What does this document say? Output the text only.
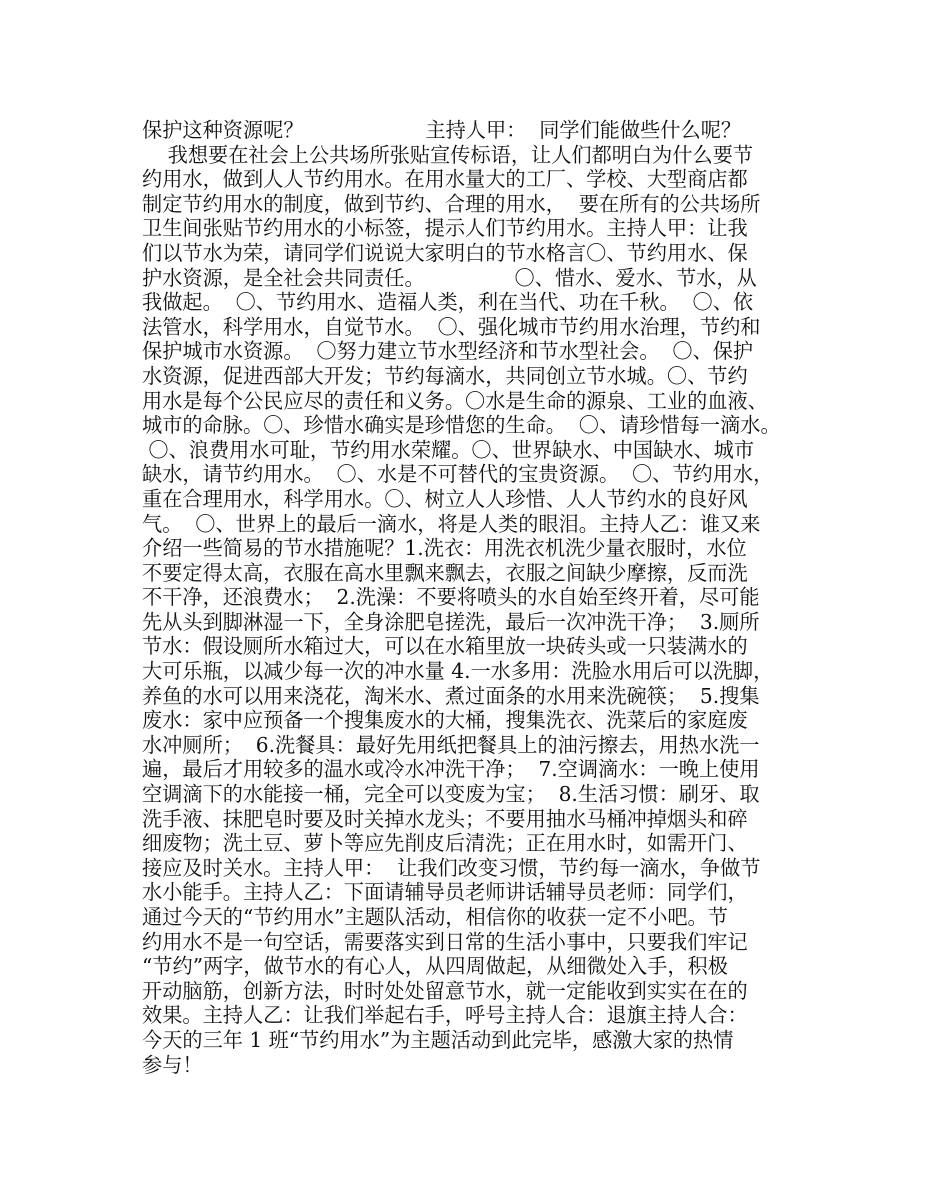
保护这种资源呢？                   主持人甲：  同学们能做些什么呢？
我想要在社会上公共场所张贴宣传标语，让人们都明白为什么要节
约用水，做到人人节约用水。在用水量大的工厂、学校、大型商店都
制定节约用水的制度，做到节约、合理的用水，  要在所有的公共场所
卫生间张贴节约用水的小标签，提示人们节约用水。主持人甲：让我
们以节水为荣，请同学们说说大家明白的节水格言〇、节约用水、保
护水资源，是全社会共同责任。              〇、惜水、爱水、节水，从
我做起。  〇、节约用水、造福人类，利在当代、功在千秋。  〇、依
法管水，科学用水，自觉节水。  〇、强化城市节约用水治理，节约和
保护城市水资源。  〇努力建立节水型经济和节水型社会。  〇、保护
水资源，促进西部大开发；节约每滴水，共同创立节水城。〇、节约
用水是每个公民应尽的责任和义务。〇水是生命的源泉、工业的血液、
城市的命脉。〇、珍惜水确实是珍惜您的生命。  〇、请珍惜每一滴水。
〇、浪费用水可耻，节约用水荣耀。〇、世界缺水、中国缺水、城市
缺水，请节约用水。  〇、水是不可替代的宝贵资源。  〇、节约用水，
重在合理用水，科学用水。〇、树立人人珍惜、人人节约水的良好风
气。  〇、世界上的最后一滴水，将是人类的眼泪。主持人乙：谁又来
介绍一些简易的节水措施呢？1.洗衣：用洗衣机洗少量衣服时，水位
不要定得太高，衣服在高水里飘来飘去，衣服之间缺少摩擦，反而洗
不干净，还浪费水；  2.洗澡：不要将喷头的水自始至终开着，尽可能
先从头到脚淋湿一下，全身涂肥皂搓洗，最后一次冲洗干净；  3.厕所
节水：假设厕所水箱过大，可以在水箱里放一块砖头或一只装满水的
大可乐瓶，以减少每一次的冲水量 4.一水多用：洗脸水用后可以洗脚，
养鱼的水可以用来浇花，淘米水、煮过面条的水用来洗碗筷；  5.搜集
废水：家中应预备一个搜集废水的大桶，搜集洗衣、洗菜后的家庭废
水冲厕所；  6.洗餐具：最好先用纸把餐具上的油污擦去，用热水洗一
遍，最后才用较多的温水或冷水冲洗干净；  7.空调滴水：一晚上使用
空调滴下的水能接一桶，完全可以变废为宝；  8.生活习惯：刷牙、取
洗手液、抹肥皂时要及时关掉水龙头；不要用抽水马桶冲掉烟头和碎
细废物；洗土豆、萝卜等应先削皮后清洗；正在用水时，如需开门、
接应及时关水。主持人甲：  让我们改变习惯，节约每一滴水，争做节
水小能手。主持人乙：下面请辅导员老师讲话辅导员老师：同学们，
通过今天的“节约用水”主题队活动，相信你的收获一定不小吧。节
约用水不是一句空话，需要落实到日常的生活小事中，只要我们牢记
“节约”两字，做节水的有心人，从四周做起，从细微处入手，积极
开动脑筋，创新方法，时时处处留意节水，就一定能收到实实在在的
效果。主持人乙：让我们举起右手，呼号主持人合：退旗主持人合：
今天的三年 1 班“节约用水”为主题活动到此完毕，感激大家的热情
参与！
